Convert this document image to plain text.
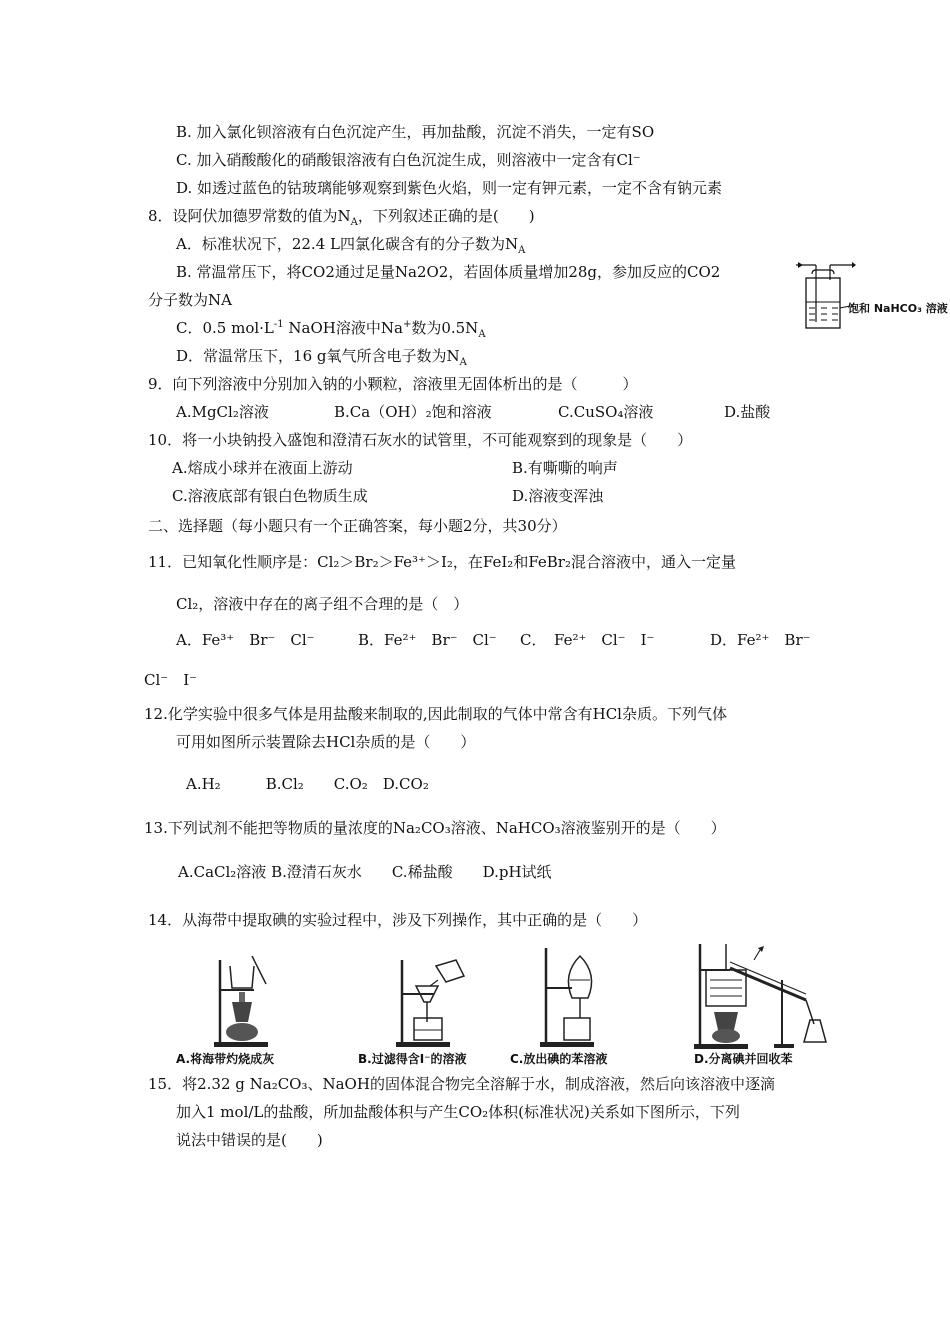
B. 加入氯化钡溶液有白色沉淀产生，再加盐酸，沉淀不消失，一定有SO
C. 加入硝酸酸化的硝酸银溶液有白色沉淀生成，则溶液中一定含有Cl⁻
D. 如透过蓝色的钴玻璃能够观察到紫色火焰，则一定有钾元素，一定不含有钠元素
8．设阿伏加德罗常数的值为$N_A$，下列叙述正确的是(　　)
A．标准状况下，22.4 L四氯化碳含有的分子数为$N_A$
B. 常温常压下，将CO2通过足量Na2O2，若固体质量增加28g，参加反应的CO2
分子数为NA
C．0.5 $mol\cdot L^{-1}$ NaOH溶液中Na+数为$0.5N_A$
D．常温常压下，16 g氧气所含电子数为$N_A$
饱和 NaHCO₃ 溶液
9．向下列溶液中分别加入钠的小颗粒，溶液里无固体析出的是（　　　）
A.MgCl₂溶液	B.Ca（OH）₂饱和溶液	C.CuSO₄溶液	D.盐酸
10．将一小块钠投入盛饱和澄清石灰水的试管里，不可能观察到的现象是（　　）
A.熔成小球并在液面上游动	B.有嘶嘶的响声
C.溶液底部有银白色物质生成	D.溶液变浑浊
二、选择题（每小题只有一个正确答案，每小题2分，共30分）
11．已知氧化性顺序是：Cl₂＞Br₂＞Fe³⁺＞I₂，在FeI₂和FeBr₂混合溶液中，通入一定量
Cl₂，溶液中存在的离子组不合理的是（　）
A．Fe³⁺　Br⁻　Cl⁻	B．Fe²⁺　Br⁻　Cl⁻ C．　Fe²⁺　Cl⁻　I⁻	D．Fe²⁺　Br⁻
Cl⁻　I⁻
12.化学实验中很多气体是用盐酸来制取的,因此制取的气体中常含有HCl杂质。下列气体
可用如图所示装置除去HCl杂质的是（　　）
A.H₂　　　B.Cl₂　　C.O₂　D.CO₂
13.下列试剂不能把等物质的量浓度的Na₂CO₃溶液、NaHCO₃溶液鉴别开的是（　　）
A.CaCl₂溶液 B.澄清石灰水　　C.稀盐酸　　D.pH试纸
14．从海带中提取碘的实验过程中，涉及下列操作，其中正确的是（　　）
A.将海带灼烧成灰	B.过滤得含I⁻的溶液	C.放出碘的苯溶液	D.分离碘并回收苯
15．将2.32 g Na₂CO₃、NaOH的固体混合物完全溶解于水，制成溶液，然后向该溶液中逐滴
加入1 mol/L的盐酸，所加盐酸体积与产生CO₂体积(标准状况)关系如下图所示，下列
说法中错误的是(　　)
